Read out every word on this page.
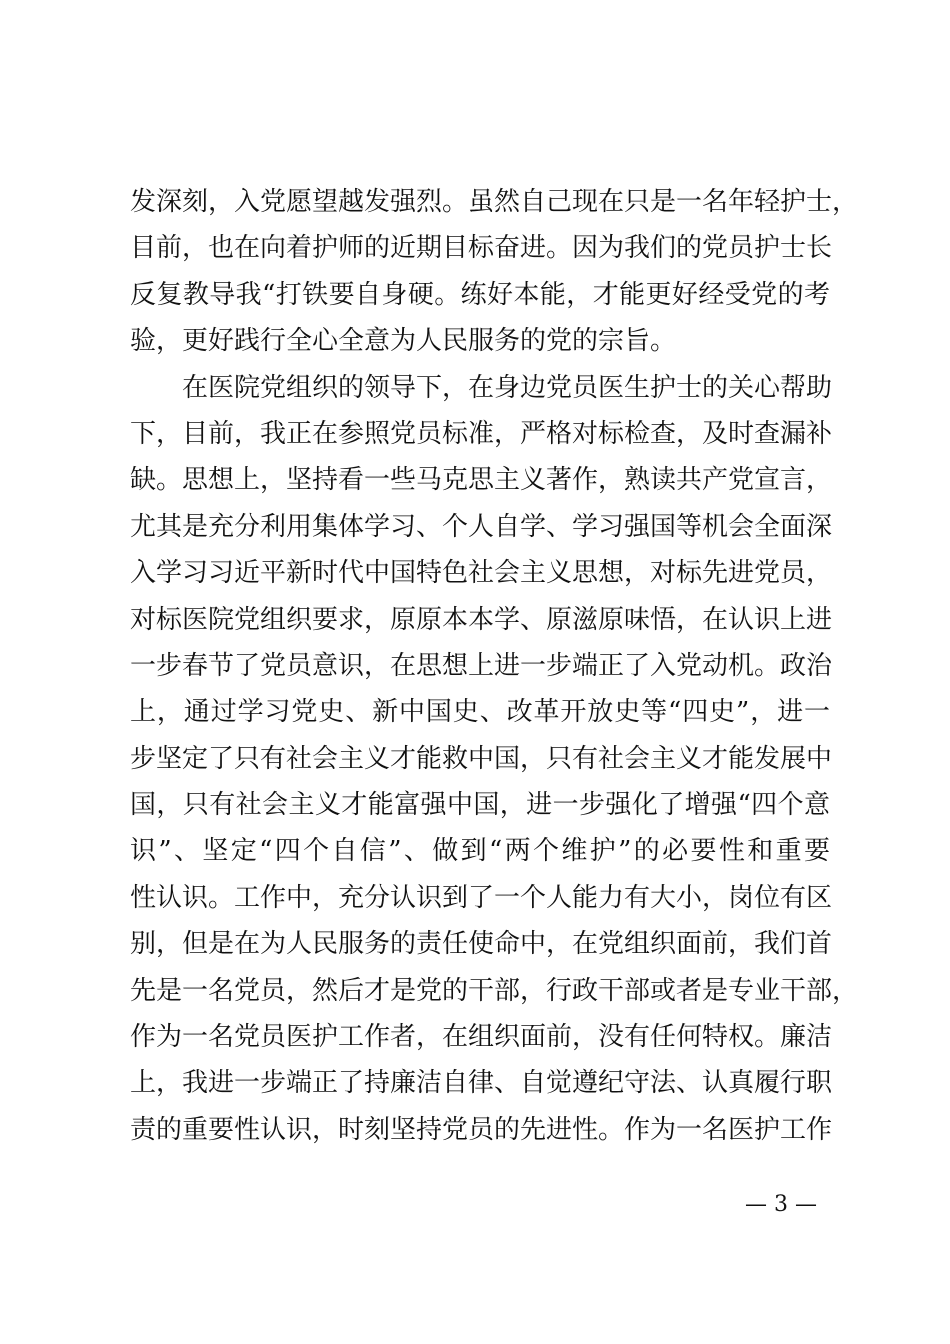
发深刻，入党愿望越发强烈。虽然自己现在只是一名年轻护士，
目前，也在向着护师的近期目标奋进。因为我们的党员护士长
反复教导我“打铁要自身硬。练好本能，才能更好经受党的考
验，更好践行全心全意为人民服务的党的宗旨。
在医院党组织的领导下，在身边党员医生护士的关心帮助
下，目前，我正在参照党员标准，严格对标检查，及时查漏补
缺。思想上，坚持看一些马克思主义著作，熟读共产党宣言，
尤其是充分利用集体学习、个人自学、学习强国等机会全面深
入学习习近平新时代中国特色社会主义思想，对标先进党员，
对标医院党组织要求，原原本本学、原滋原味悟，在认识上进
一步春节了党员意识，在思想上进一步端正了入党动机。政治
上，通过学习党史、新中国史、改革开放史等“四史”，进一
步坚定了只有社会主义才能救中国，只有社会主义才能发展中
国，只有社会主义才能富强中国，进一步强化了增强“四个意
识”、坚定“四个自信”、做到“两个维护”的必要性和重要
性认识。工作中，充分认识到了一个人能力有大小，岗位有区
别，但是在为人民服务的责任使命中，在党组织面前，我们首
先是一名党员，然后才是党的干部，行政干部或者是专业干部，
作为一名党员医护工作者，在组织面前，没有任何特权。廉洁
上，我进一步端正了持廉洁自律、自觉遵纪守法、认真履行职
责的重要性认识，时刻坚持党员的先进性。作为一名医护工作
— 3 —
